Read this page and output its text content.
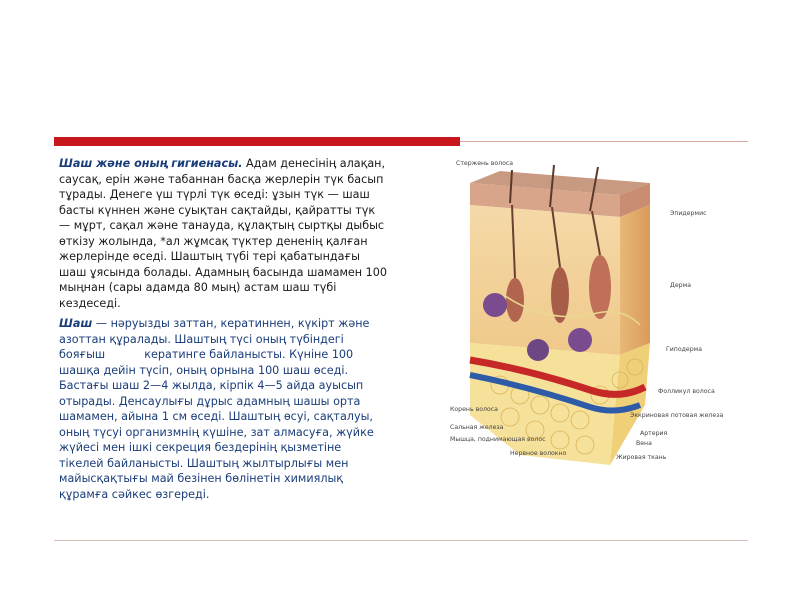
Шаш және оның гигиенасы. Адам денесінің алақан, саусақ, ерін және табаннан басқа жерлерін түк басып тұрады. Денеге үш түрлі түк өседі: ұзын түк — шаш басты күннен және суықтан сақтайды, қайратты түк — мұрт, сақал және танауда, құлақтың сыртқы дыбыс өткізу жолында, *ал жұмсақ түктер дененің қалған жерлерінде өседі. Шаштың түбі тері қабатындағы шаш ұясында болады. Адамның басында шамамен 100 мыңнан (сары адамда 80 мың) астам шаш түбі кездеседі.

Шаш — нәруызды заттан, кератиннен, күкірт және азоттан құралады. Шаштың түсі оның түбіндегі бояғыш           кератинге байланысты. Күніне 100 шашқа дейін түсіп, оның орнына 100 шаш өседі. Бастағы шаш 2—4 жылда, кірпік 4—5 айда ауысып отырады. Денсаулығы дұрыс адамның шашы орта шамамен, айына 1 см өседі. Шаштың өсуі, сақталуы, оның түсуі организмнің күшіне, зат алмасуға, жүйке жүйесі мен ішкі секреция бездерінің қызметіне тікелей байланысты. Шаштың жылтырлығы мен майысқақтығы май безінен бөлінетін химиялық құрамға сәйкес өзгереді.

Стержень волоса
Эпидермис
Дерма
Гиподерма
Фолликул волоса
Эккриновая потовая железа
Артерия
Вена
Жировая ткань
Корень волоса
Сальная железа
Мышца, поднимающая волос
Нервное волокно
